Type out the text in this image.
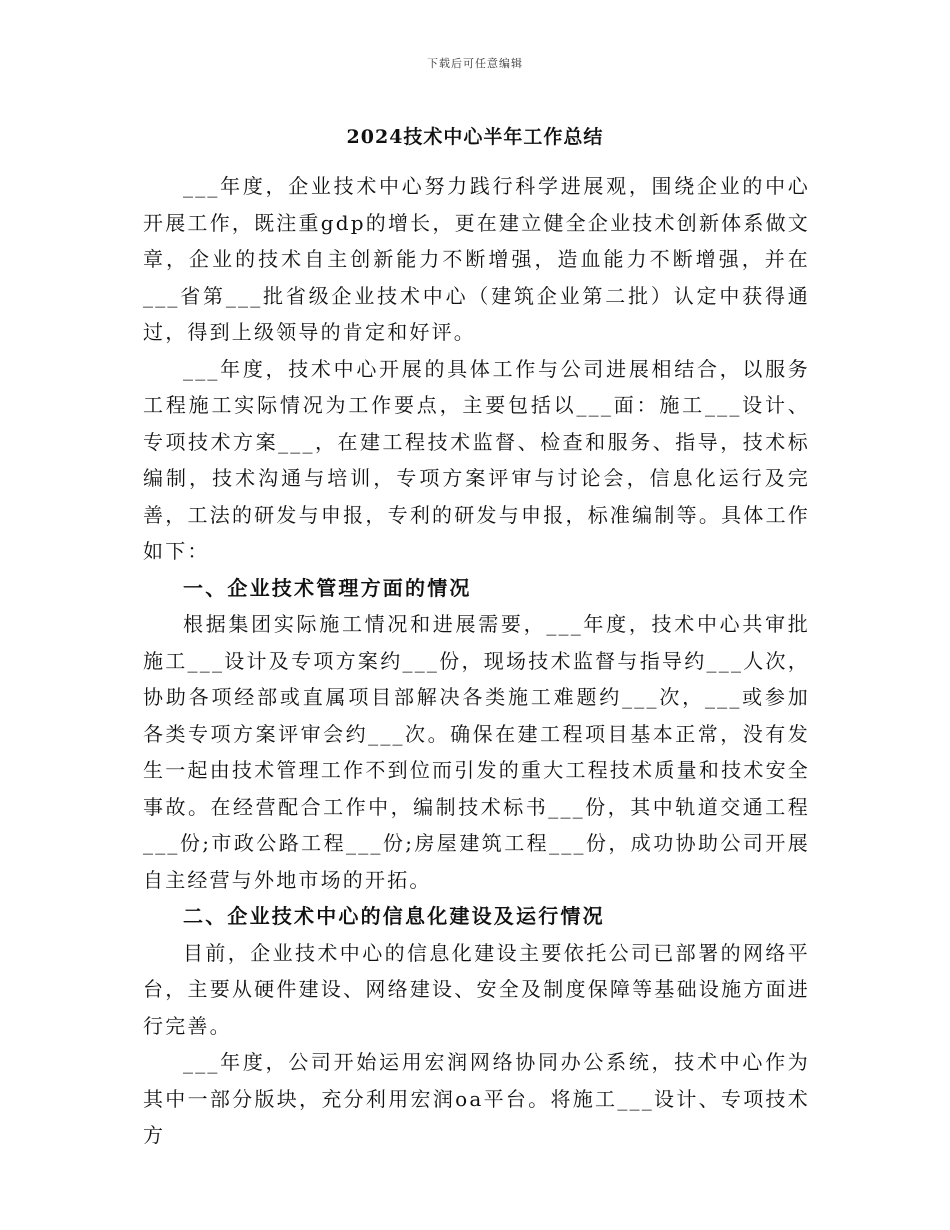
下载后可任意编辑
2024技术中心半年工作总结

___年度，企业技术中心努力践行科学进展观，围绕企业的中心开展工作，既注重gdp的增长，更在建立健全企业技术创新体系做文章，企业的技术自主创新能力不断增强，造血能力不断增强，并在___省第___批省级企业技术中心（建筑企业第二批）认定中获得通过，得到上级领导的肯定和好评。

___年度，技术中心开展的具体工作与公司进展相结合，以服务工程施工实际情况为工作要点，主要包括以___面：施工___设计、专项技术方案___，在建工程技术监督、检查和服务、指导，技术标编制，技术沟通与培训，专项方案评审与讨论会，信息化运行及完善，工法的研发与申报，专利的研发与申报，标准编制等。具体工作如下：

一、企业技术管理方面的情况

根据集团实际施工情况和进展需要，___年度，技术中心共审批施工___设计及专项方案约___份，现场技术监督与指导约___人次，协助各项经部或直属项目部解决各类施工难题约___次，___或参加各类专项方案评审会约___次。确保在建工程项目基本正常，没有发生一起由技术管理工作不到位而引发的重大工程技术质量和技术安全事故。在经营配合工作中，编制技术标书___份，其中轨道交通工程___份;市政公路工程___份;房屋建筑工程___份，成功协助公司开展自主经营与外地市场的开拓。

二、企业技术中心的信息化建设及运行情况

目前，企业技术中心的信息化建设主要依托公司已部署的网络平台，主要从硬件建设、网络建设、安全及制度保障等基础设施方面进行完善。

___年度，公司开始运用宏润网络协同办公系统，技术中心作为其中一部分版块，充分利用宏润oa平台。将施工___设计、专项技术方
